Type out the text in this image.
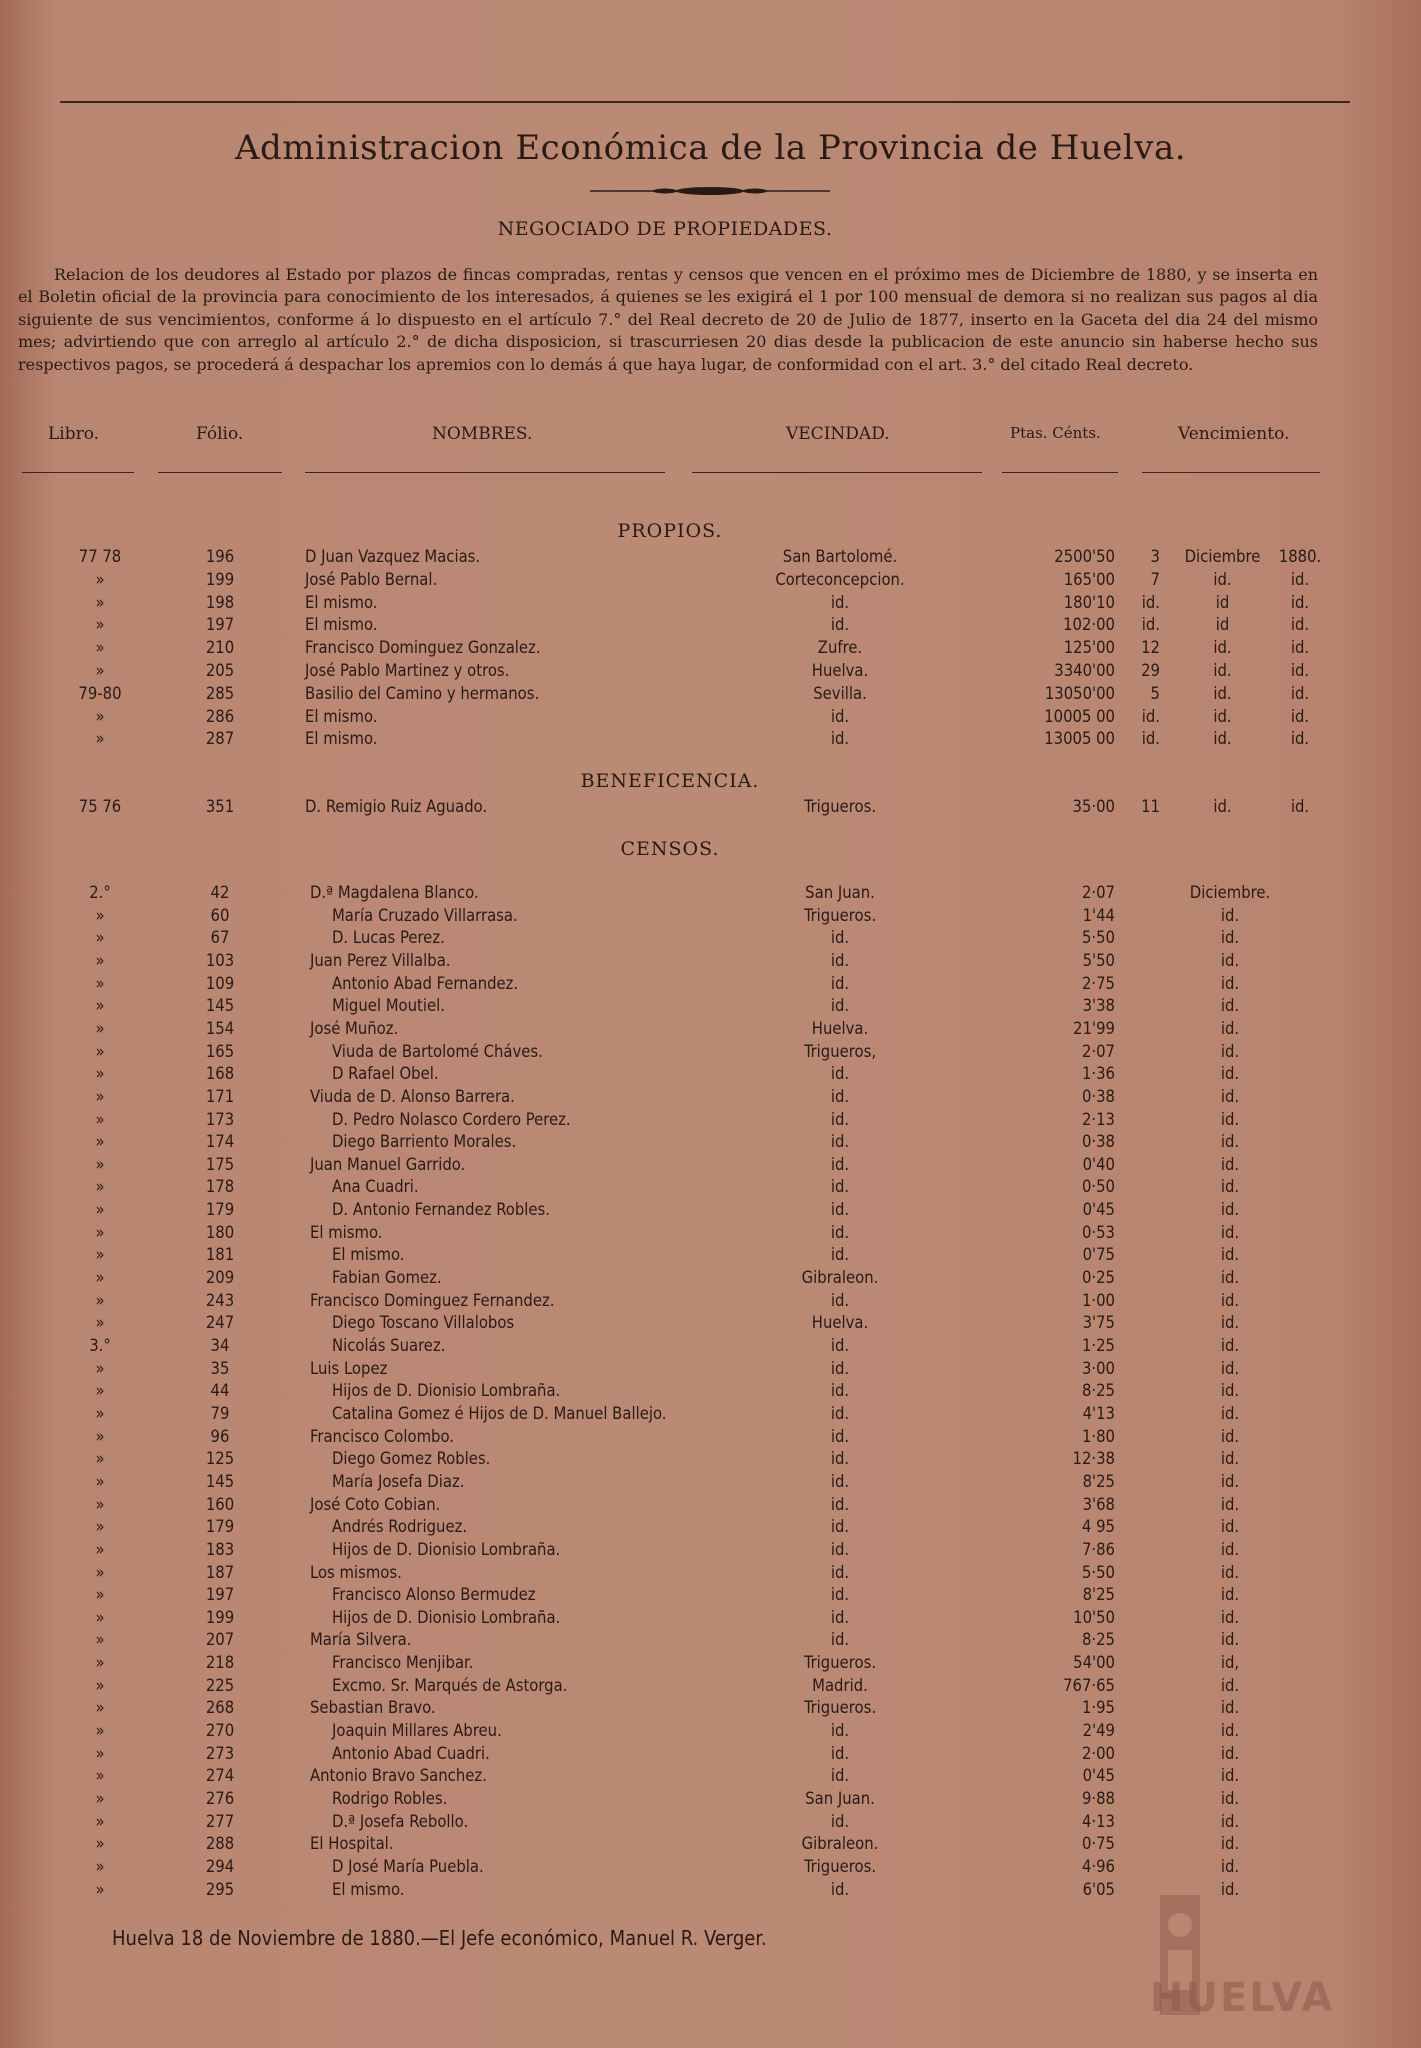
Administracion Económica de la Provincia de Huelva.
NEGOCIADO DE PROPIEDADES.
Relacion de los deudores al Estado por plazos de fincas compradas, rentas y censos que vencen en el próximo mes de Diciembre de 1880, y se inserta en el Boletin oficial de la provincia para conocimiento de los interesados, á quienes se les exigirá el 1 por 100 mensual de demora si no realizan sus pagos al dia siguiente de sus vencimientos, conforme á lo dispuesto en el artículo 7.° del Real decreto de 20 de Julio de 1877, inserto en la Gaceta del dia 24 del mismo mes; advirtiendo que con arreglo al artículo 2.° de dicha disposicion, si trascurriesen 20 dias desde la publicacion de este anuncio sin haberse hecho sus respectivos pagos, se procederá á despachar los apremios con lo demás á que haya lugar, de conformidad con el art. 3.° del citado Real decreto.
Libro.	Fólio.	NOMBRES.	VECINDAD.	Ptas. Cénts.	Vencimiento.
PROPIOS.
77 78	196	D Juan Vazquez Macias.	San Bartolomé.	2500'50	3	Diciembre	1880.
»	199	José Pablo Bernal.	Corteconcepcion.	165'00	7	id.	id.
»	198	El mismo.	id.	180'10	id.	id	id.
»	197	El mismo.	id.	102·00	id.	id	id.
»	210	Francisco Dominguez Gonzalez.	Zufre.	125'00	12	id.	id.
»	205	José Pablo Martinez y otros.	Huelva.	3340'00	29	id.	id.
79-80	285	Basilio del Camino y hermanos.	Sevilla.	13050'00	5	id.	id.
»	286	El mismo.	id.	10005 00	id.	id.	id.
»	287	El mismo.	id.	13005 00	id.	id.	id.
BENEFICENCIA.
75 76	351	D. Remigio Ruiz Aguado.	Trigueros.	35·00	11	id.	id.
CENSOS.
2.°	42	D.ª Magdalena Blanco.	San Juan.	2·07	Diciembre.
»	60	María Cruzado Villarrasa.	Trigueros.	1'44	id.
»	67	D. Lucas Perez.	id.	5·50	id.
»	103	Juan Perez Villalba.	id.	5'50	id.
»	109	Antonio Abad Fernandez.	id.	2·75	id.
»	145	Miguel Moutiel.	id.	3'38	id.
»	154	José Muñoz.	Huelva.	21'99	id.
»	165	Viuda de Bartolomé Cháves.	Trigueros,	2·07	id.
»	168	D Rafael Obel.	id.	1·36	id.
»	171	Viuda de D. Alonso Barrera.	id.	0·38	id.
»	173	D. Pedro Nolasco Cordero Perez.	id.	2·13	id.
»	174	Diego Barriento Morales.	id.	0·38	id.
»	175	Juan Manuel Garrido.	id.	0'40	id.
»	178	Ana Cuadri.	id.	0·50	id.
»	179	D. Antonio Fernandez Robles.	id.	0'45	id.
»	180	El mismo.	id.	0·53	id.
»	181	El mismo.	id.	0'75	id.
»	209	Fabian Gomez.	Gibraleon.	0·25	id.
»	243	Francisco Dominguez Fernandez.	id.	1·00	id.
»	247	Diego Toscano Villalobos	Huelva.	3'75	id.
3.°	34	Nicolás Suarez.	id.	1·25	id.
»	35	Luis Lopez	id.	3·00	id.
»	44	Hijos de D. Dionisio Lombraña.	id.	8·25	id.
»	79	Catalina Gomez é Hijos de D. Manuel Ballejo.	id.	4'13	id.
»	96	Francisco Colombo.	id.	1·80	id.
»	125	Diego Gomez Robles.	id.	12·38	id.
»	145	María Josefa Diaz.	id.	8'25	id.
»	160	José Coto Cobian.	id.	3'68	id.
»	179	Andrés Rodriguez.	id.	4 95	id.
»	183	Hijos de D. Dionisio Lombraña.	id.	7·86	id.
»	187	Los mismos.	id.	5·50	id.
»	197	Francisco Alonso Bermudez	id.	8'25	id.
»	199	Hijos de D. Dionisio Lombraña.	id.	10'50	id.
»	207	María Silvera.	id.	8·25	id.
»	218	Francisco Menjibar.	Trigueros.	54'00	id,
»	225	Excmo. Sr. Marqués de Astorga.	Madrid.	767·65	id.
»	268	Sebastian Bravo.	Trigueros.	1·95	id.
»	270	Joaquin Millares Abreu.	id.	2'49	id.
»	273	Antonio Abad Cuadri.	id.	2·00	id.
»	274	Antonio Bravo Sanchez.	id.	0'45	id.
»	276	Rodrigo Robles.	San Juan.	9·88	id.
»	277	D.ª Josefa Rebollo.	id.	4·13	id.
»	288	El Hospital.	Gibraleon.	0·75	id.
»	294	D José María Puebla.	Trigueros.	4·96	id.
»	295	El mismo.	id.	6'05	id.
Huelva 18 de Noviembre de 1880.—El Jefe económico, Manuel R. Verger.
HUELVA
